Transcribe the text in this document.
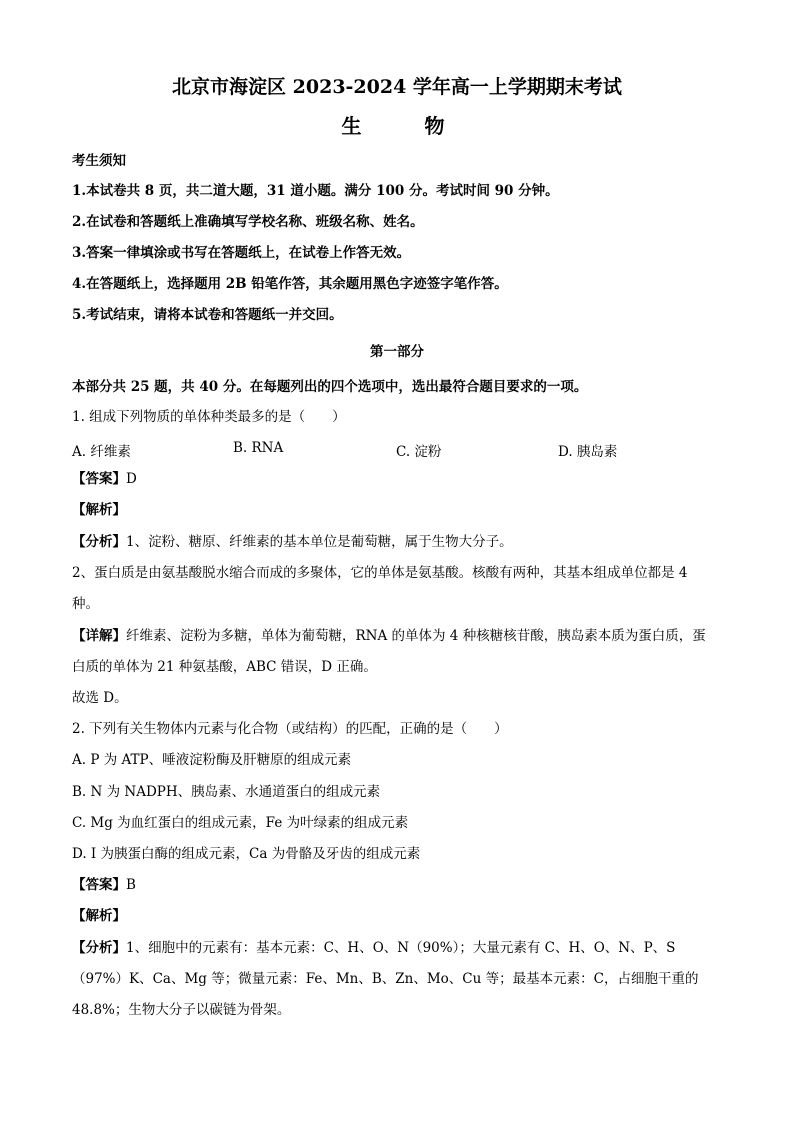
北京市海淀区 2023-2024 学年高一上学期期末考试
生 物
考生须知
1.本试卷共 8 页，共二道大题，31 道小题。满分 100 分。考试时间 90 分钟。
2.在试卷和答题纸上准确填写学校名称、班级名称、姓名。
3.答案一律填涂或书写在答题纸上，在试卷上作答无效。
4.在答题纸上，选择题用 2B 铅笔作答，其余题用黑色字迹签字笔作答。
5.考试结束，请将本试卷和答题纸一并交回。
第一部分
本部分共 25 题，共 40 分。在每题列出的四个选项中，选出最符合题目要求的一项。
1. 组成下列物质的单体种类最多的是（　　）
A. 纤维素	B. RNA	C. 淀粉	D. 胰岛素
【答案】D
【解析】
【分析】1、淀粉、糖原、纤维素的基本单位是葡萄糖，属于生物大分子。
2、蛋白质是由氨基酸脱水缩合而成的多聚体，它的单体是氨基酸。核酸有两种，其基本组成单位都是 4
种。
【详解】纤维素、淀粉为多糖，单体为葡萄糖，RNA 的单体为 4 种核糖核苷酸，胰岛素本质为蛋白质，蛋
白质的单体为 21 种氨基酸，ABC 错误，D 正确。
故选 D。
2. 下列有关生物体内元素与化合物（或结构）的匹配，正确的是（　　）
A. P 为 ATP、唾液淀粉酶及肝糖原的组成元素
B. N 为 NADPH、胰岛素、水通道蛋白的组成元素
C. Mg 为血红蛋白的组成元素，Fe 为叶绿素的组成元素
D. I 为胰蛋白酶的组成元素，Ca 为骨骼及牙齿的组成元素
【答案】B
【解析】
【分析】1、细胞中的元素有：基本元素：C、H、O、N（90%）；大量元素有 C、H、O、N、P、S
（97%）K、Ca、Mg 等；微量元素：Fe、Mn、B、Zn、Mo、Cu 等；最基本元素：C，占细胞干重的
48.8%；生物大分子以碳链为骨架。
